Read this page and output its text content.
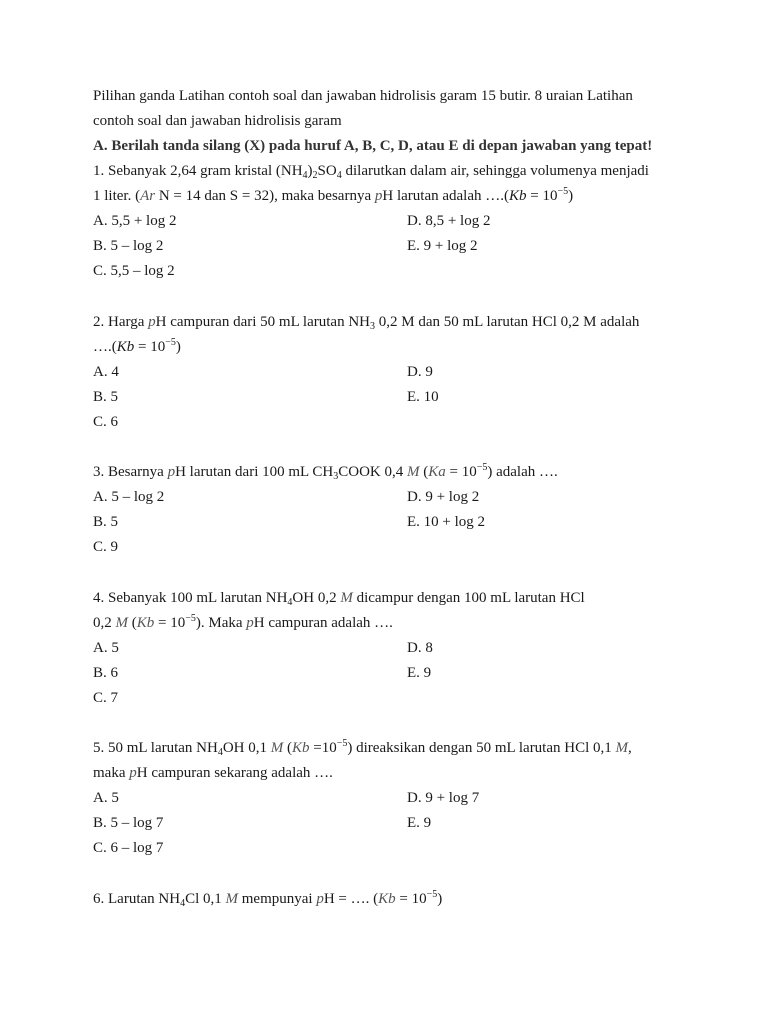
Pilihan ganda Latihan contoh soal dan jawaban hidrolisis garam 15 butir. 8 uraian Latihan
contoh soal dan jawaban hidrolisis garam
A. Berilah tanda silang (X) pada huruf A, B, C, D, atau E di depan jawaban yang tepat!
1. Sebanyak 2,64 gram kristal $(NH_4)_2SO_4$ dilarutkan dalam air, sehingga volumenya menjadi
1 liter. (Ar N = 14 dan S = 32), maka besarnya pH larutan adalah ….(Kb = $10^{-5}$)
A. 5,5 + log 2	D. 8,5 + log 2
B. 5 – log 2	E. 9 + log 2
C. 5,5 – log 2
2. Harga pH campuran dari 50 mL larutan $NH_3$ 0,2 M dan 50 mL larutan HCl 0,2 M adalah
….(Kb = $10^{-5}$)
A. 4	D. 9
B. 5	E. 10
C. 6
3. Besarnya pH larutan dari 100 mL $CH_3COOK$ 0,4 M $(Ka = 10^{-5})$ adalah ….
A. 5 – log 2	D. 9 + log 2
B. 5	E. 10 + log 2
C. 9
4. Sebanyak 100 mL larutan $NH_4OH$ 0,2 M dicampur dengan 100 mL larutan HCl
0,2 M $(Kb = 10^{-5})$. Maka pH campuran adalah ….
A. 5	D. 8
B. 6	E. 9
C. 7
5. 50 mL larutan $NH_4OH$ 0,1 M $(Kb =10^{-5})$ direaksikan dengan 50 mL larutan HCl 0,1 M,
maka pH campuran sekarang adalah ….
A. 5	D. 9 + log 7
B. 5 – log 7	E. 9
C. 6 – log 7
6. Larutan $NH_4Cl$ 0,1 M mempunyai pH = …. $(Kb = 10^{-5})$
